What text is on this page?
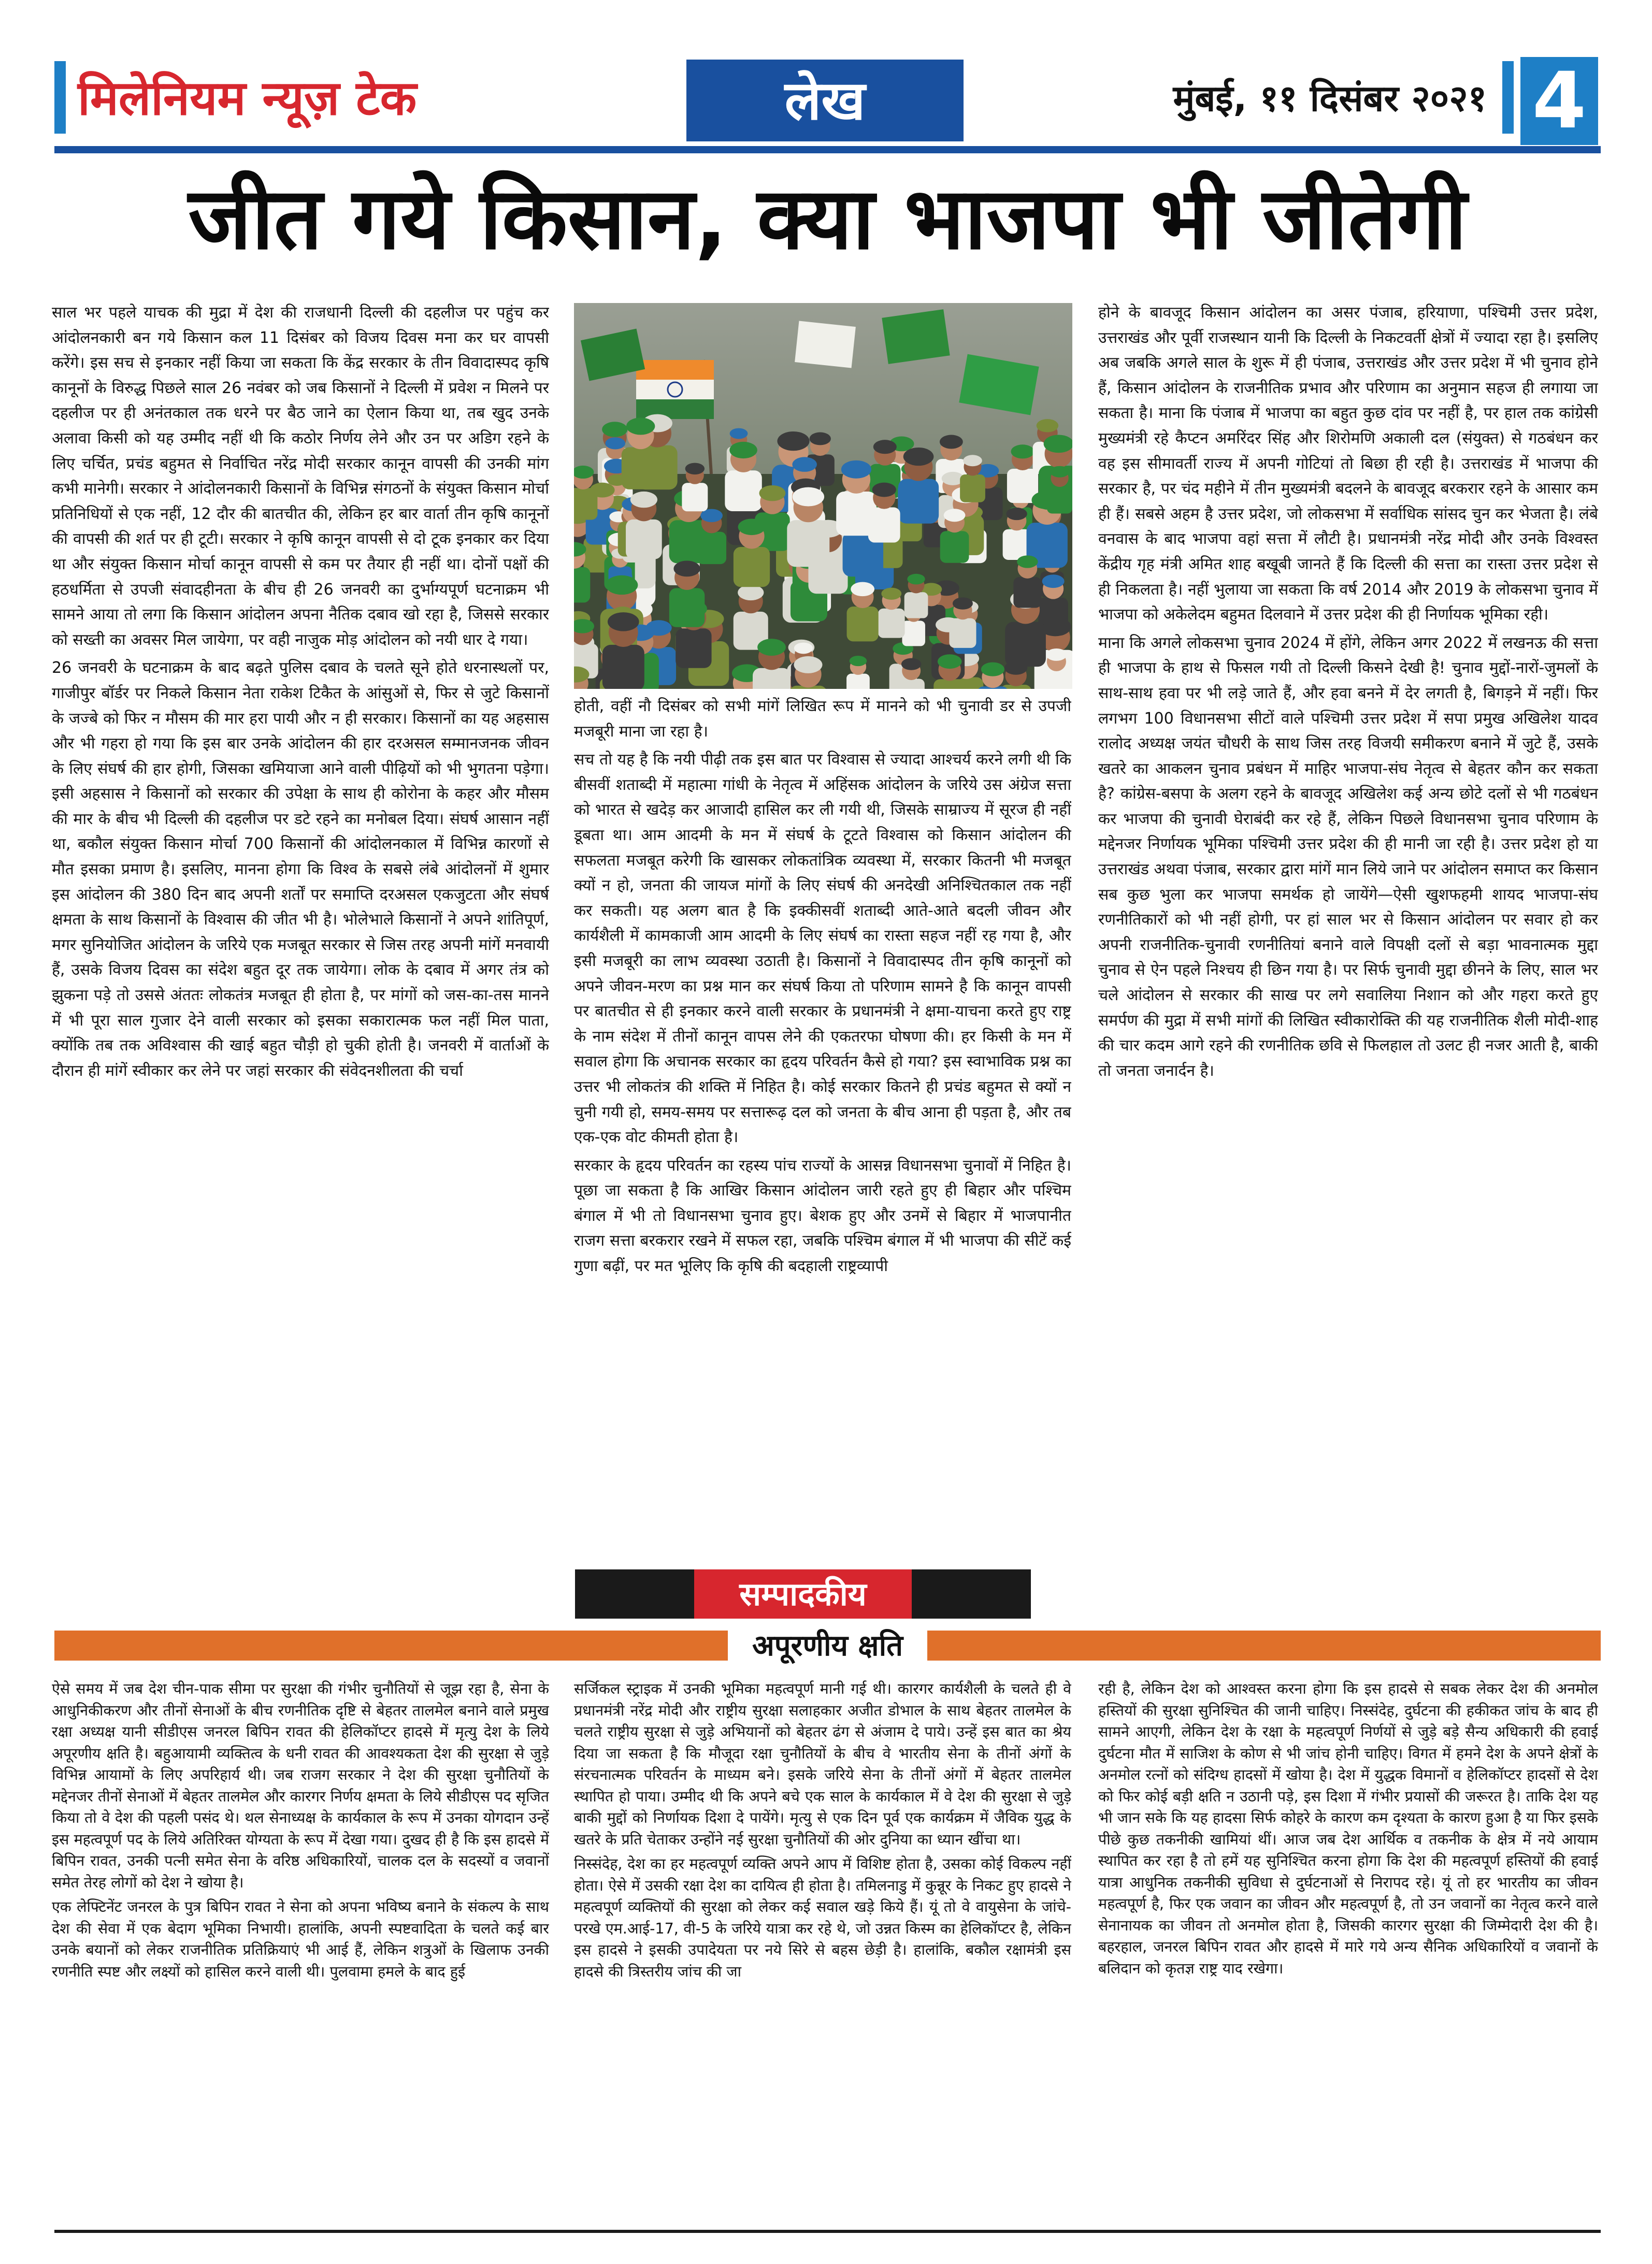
मिलेनियम न्यूज़ टेक	लेख	मुंबई, ११ दिसंबर २०२१ 4
जीत गये किसान, क्या भाजपा भी जीतेगी

साल भर पहले याचक की मुद्रा में देश की राजधानी दिल्ली की दहलीज पर पहुंच कर आंदोलनकारी बन गये किसान कल 11 दिसंबर को विजय दिवस मना कर घर वापसी करेंगे। इस सच से इनकार नहीं किया जा सकता कि केंद्र सरकार के तीन विवादास्पद कृषि कानूनों के विरुद्ध पिछले साल 26 नवंबर को जब किसानों ने दिल्ली में प्रवेश न मिलने पर दहलीज पर ही अनंतकाल तक धरने पर बैठ जाने का ऐलान किया था, तब खुद उनके अलावा किसी को यह उम्मीद नहीं थी कि कठोर निर्णय लेने और उन पर अडिग रहने के लिए चर्चित, प्रचंड बहुमत से निर्वाचित नरेंद्र मोदी सरकार कानून वापसी की उनकी मांग कभी मानेगी। सरकार ने आंदोलनकारी किसानों के विभिन्न संगठनों के संयुक्त किसान मोर्चा प्रतिनिधियों से एक नहीं, 12 दौर की बातचीत की, लेकिन हर बार वार्ता तीन कृषि कानूनों की वापसी की शर्त पर ही टूटी। सरकार ने कृषि कानून वापसी से दो टूक इनकार कर दिया था और संयुक्त किसान मोर्चा कानून वापसी से कम पर तैयार ही नहीं था। दोनों पक्षों की हठधर्मिता से उपजी संवादहीनता के बीच ही 26 जनवरी का दुर्भाग्यपूर्ण घटनाक्रम भी सामने आया तो लगा कि किसान आंदोलन अपना नैतिक दबाव खो रहा है, जिससे सरकार को सख्ती का अवसर मिल जायेगा, पर वही नाजुक मोड़ आंदोलन को नयी धार दे गया।

26 जनवरी के घटनाक्रम के बाद बढ़ते पुलिस दबाव के चलते सूने होते धरनास्थलों पर, गाजीपुर बॉर्डर पर निकले किसान नेता राकेश टिकैत के आंसुओं से, फिर से जुटे किसानों के जज्बे को फिर न मौसम की मार हरा पायी और न ही सरकार। किसानों का यह अहसास और भी गहरा हो गया कि इस बार उनके आंदोलन की हार दरअसल सम्मानजनक जीवन के लिए संघर्ष की हार होगी, जिसका खमियाजा आने वाली पीढ़ियों को भी भुगतना पड़ेगा। इसी अहसास ने किसानों को सरकार की उपेक्षा के साथ ही कोरोना के कहर और मौसम की मार के बीच भी दिल्ली की दहलीज पर डटे रहने का मनोबल दिया। संघर्ष आसान नहीं था, बकौल संयुक्त किसान मोर्चा 700 किसानों की आंदोलनकाल में विभिन्न कारणों से मौत इसका प्रमाण है। इसलिए, मानना होगा कि विश्व के सबसे लंबे आंदोलनों में शुमार इस आंदोलन की 380 दिन बाद अपनी शर्तों पर समाप्ति दरअसल एकजुटता और संघर्ष क्षमता के साथ किसानों के विश्वास की जीत भी है। भोलेभाले किसानों ने अपने शांतिपूर्ण, मगर सुनियोजित आंदोलन के जरिये एक मजबूत सरकार से जिस तरह अपनी मांगें मनवायी हैं, उसके विजय दिवस का संदेश बहुत दूर तक जायेगा। लोक के दबाव में अगर तंत्र को झुकना पड़े तो उससे अंततः लोकतंत्र मजबूत ही होता है, पर मांगों को जस-का-तस मानने में भी पूरा साल गुजार देने वाली सरकार को इसका सकारात्मक फल नहीं मिल पाता, क्योंकि तब तक अविश्वास की खाई बहुत चौड़ी हो चुकी होती है। जनवरी में वार्ताओं के दौरान ही मांगें स्वीकार कर लेने पर जहां सरकार की संवेदनशीलता की चर्चा

होती, वहीं नौ दिसंबर को सभी मांगें लिखित रूप में मानने को भी चुनावी डर से उपजी मजबूरी माना जा रहा है।

सच तो यह है कि नयी पीढ़ी तक इस बात पर विश्वास से ज्यादा आश्चर्य करने लगी थी कि बीसवीं शताब्दी में महात्मा गांधी के नेतृत्व में अहिंसक आंदोलन के जरिये उस अंग्रेज सत्ता को भारत से खदेड़ कर आजादी हासिल कर ली गयी थी, जिसके साम्राज्य में सूरज ही नहीं डूबता था। आम आदमी के मन में संघर्ष के टूटते विश्वास को किसान आंदोलन की सफलता मजबूत करेगी कि खासकर लोकतांत्रिक व्यवस्था में, सरकार कितनी भी मजबूत क्यों न हो, जनता की जायज मांगों के लिए संघर्ष की अनदेखी अनिश्चितकाल तक नहीं कर सकती। यह अलग बात है कि इक्कीसवीं शताब्दी आते-आते बदली जीवन और कार्यशैली में कामकाजी आम आदमी के लिए संघर्ष का रास्ता सहज नहीं रह गया है, और इसी मजबूरी का लाभ व्यवस्था उठाती है। किसानों ने विवादास्पद तीन कृषि कानूनों को अपने जीवन-मरण का प्रश्न मान कर संघर्ष किया तो परिणाम सामने है कि कानून वापसी पर बातचीत से ही इनकार करने वाली सरकार के प्रधानमंत्री ने क्षमा-याचना करते हुए राष्ट्र के नाम संदेश में तीनों कानून वापस लेने की एकतरफा घोषणा की। हर किसी के मन में सवाल होगा कि अचानक सरकार का हृदय परिवर्तन कैसे हो गया? इस स्वाभाविक प्रश्न का उत्तर भी लोकतंत्र की शक्ति में निहित है। कोई सरकार कितने ही प्रचंड बहुमत से क्यों न चुनी गयी हो, समय-समय पर सत्तारूढ़ दल को जनता के बीच आना ही पड़ता है, और तब एक-एक वोट कीमती होता है।

सरकार के हृदय परिवर्तन का रहस्य पांच राज्यों के आसन्न विधानसभा चुनावों में निहित है। पूछा जा सकता है कि आखिर किसान आंदोलन जारी रहते हुए ही बिहार और पश्चिम बंगाल में भी तो विधानसभा चुनाव हुए। बेशक हुए और उनमें से बिहार में भाजपानीत राजग सत्ता बरकरार रखने में सफल रहा, जबकि पश्चिम बंगाल में भी भाजपा की सीटें कई गुणा बढ़ीं, पर मत भूलिए कि कृषि की बदहाली राष्ट्रव्यापी

होने के बावजूद किसान आंदोलन का असर पंजाब, हरियाणा, पश्चिमी उत्तर प्रदेश, उत्तराखंड और पूर्वी राजस्थान यानी कि दिल्ली के निकटवर्ती क्षेत्रों में ज्यादा रहा है। इसलिए अब जबकि अगले साल के शुरू में ही पंजाब, उत्तराखंड और उत्तर प्रदेश में भी चुनाव होने हैं, किसान आंदोलन के राजनीतिक प्रभाव और परिणाम का अनुमान सहज ही लगाया जा सकता है। माना कि पंजाब में भाजपा का बहुत कुछ दांव पर नहीं है, पर हाल तक कांग्रेसी मुख्यमंत्री रहे कैप्टन अमरिंदर सिंह और शिरोमणि अकाली दल (संयुक्त) से गठबंधन कर वह इस सीमावर्ती राज्य में अपनी गोटियां तो बिछा ही रही है। उत्तराखंड में भाजपा की सरकार है, पर चंद महीने में तीन मुख्यमंत्री बदलने के बावजूद बरकरार रहने के आसार कम ही हैं। सबसे अहम है उत्तर प्रदेश, जो लोकसभा में सर्वाधिक सांसद चुन कर भेजता है। लंबे वनवास के बाद भाजपा वहां सत्ता में लौटी है। प्रधानमंत्री नरेंद्र मोदी और उनके विश्वस्त केंद्रीय गृह मंत्री अमित शाह बखूबी जानते हैं कि दिल्ली की सत्ता का रास्ता उत्तर प्रदेश से ही निकलता है। नहीं भुलाया जा सकता कि वर्ष 2014 और 2019 के लोकसभा चुनाव में भाजपा को अकेलेदम बहुमत दिलवाने में उत्तर प्रदेश की ही निर्णायक भूमिका रही।

माना कि अगले लोकसभा चुनाव 2024 में होंगे, लेकिन अगर 2022 में लखनऊ की सत्ता ही भाजपा के हाथ से फिसल गयी तो दिल्ली किसने देखी है! चुनाव मुद्दों-नारों-जुमलों के साथ-साथ हवा पर भी लड़े जाते हैं, और हवा बनने में देर लगती है, बिगड़ने में नहीं। फिर लगभग 100 विधानसभा सीटों वाले पश्चिमी उत्तर प्रदेश में सपा प्रमुख अखिलेश यादव रालोद अध्यक्ष जयंत चौधरी के साथ जिस तरह विजयी समीकरण बनाने में जुटे हैं, उसके खतरे का आकलन चुनाव प्रबंधन में माहिर भाजपा-संघ नेतृत्व से बेहतर कौन कर सकता है? कांग्रेस-बसपा के अलग रहने के बावजूद अखिलेश कई अन्य छोटे दलों से भी गठबंधन कर भाजपा की चुनावी घेराबंदी कर रहे हैं, लेकिन पिछले विधानसभा चुनाव परिणाम के मद्देनजर निर्णायक भूमिका पश्चिमी उत्तर प्रदेश की ही मानी जा रही है। उत्तर प्रदेश हो या उत्तराखंड अथवा पंजाब, सरकार द्वारा मांगें मान लिये जाने पर आंदोलन समाप्त कर किसान सब कुछ भुला कर भाजपा समर्थक हो जायेंगे—ऐसी खुशफहमी शायद भाजपा-संघ रणनीतिकारों को भी नहीं होगी, पर हां साल भर से किसान आंदोलन पर सवार हो कर अपनी राजनीतिक-चुनावी रणनीतियां बनाने वाले विपक्षी दलों से बड़ा भावनात्मक मुद्दा चुनाव से ऐन पहले निश्चय ही छिन गया है। पर सिर्फ चुनावी मुद्दा छीनने के लिए, साल भर चले आंदोलन से सरकार की साख पर लगे सवालिया निशान को और गहरा करते हुए समर्पण की मुद्रा में सभी मांगों की लिखित स्वीकारोक्ति की यह राजनीतिक शैली मोदी-शाह की चार कदम आगे रहने की रणनीतिक छवि से फिलहाल तो उलट ही नजर आती है, बाकी तो जनता जनार्दन है।

सम्पादकीय
अपूरणीय क्षति

ऐसे समय में जब देश चीन-पाक सीमा पर सुरक्षा की गंभीर चुनौतियों से जूझ रहा है, सेना के आधुनिकीकरण और तीनों सेनाओं के बीच रणनीतिक दृष्टि से बेहतर तालमेल बनाने वाले प्रमुख रक्षा अध्यक्ष यानी सीडीएस जनरल बिपिन रावत की हेलिकॉप्टर हादसे में मृत्यु देश के लिये अपूरणीय क्षति है। बहुआयामी व्यक्तित्व के धनी रावत की आवश्यकता देश की सुरक्षा से जुड़े विभिन्न आयामों के लिए अपरिहार्य थी। जब राजग सरकार ने देश की सुरक्षा चुनौतियों के मद्देनजर तीनों सेनाओं में बेहतर तालमेल और कारगर निर्णय क्षमता के लिये सीडीएस पद सृजित किया तो वे देश की पहली पसंद थे। थल सेनाध्यक्ष के कार्यकाल के रूप में उनका योगदान उन्हें इस महत्वपूर्ण पद के लिये अतिरिक्त योग्यता के रूप में देखा गया। दुखद ही है कि इस हादसे में बिपिन रावत, उनकी पत्नी समेत सेना के वरिष्ठ अधिकारियों, चालक दल के सदस्यों व जवानों समेत तेरह लोगों को देश ने खोया है।

एक लेफ्टिनेंट जनरल के पुत्र बिपिन रावत ने सेना को अपना भविष्य बनाने के संकल्प के साथ देश की सेवा में एक बेदाग भूमिका निभायी। हालांकि, अपनी स्पष्टवादिता के चलते कई बार उनके बयानों को लेकर राजनीतिक प्रतिक्रियाएं भी आई हैं, लेकिन शत्रुओं के खिलाफ उनकी रणनीति स्पष्ट और लक्ष्यों को हासिल करने वाली थी। पुलवामा हमले के बाद हुई

सर्जिकल स्ट्राइक में उनकी भूमिका महत्वपूर्ण मानी गई थी। कारगर कार्यशैली के चलते ही वे प्रधानमंत्री नरेंद्र मोदी और राष्ट्रीय सुरक्षा सलाहकार अजीत डोभाल के साथ बेहतर तालमेल के चलते राष्ट्रीय सुरक्षा से जुड़े अभियानों को बेहतर ढंग से अंजाम दे पाये। उन्हें इस बात का श्रेय दिया जा सकता है कि मौजूदा रक्षा चुनौतियों के बीच वे भारतीय सेना के तीनों अंगों के संरचनात्मक परिवर्तन के माध्यम बने। इसके जरिये सेना के तीनों अंगों में बेहतर तालमेल स्थापित हो पाया। उम्मीद थी कि अपने बचे एक साल के कार्यकाल में वे देश की सुरक्षा से जुड़े बाकी मुद्दों को निर्णायक दिशा दे पायेंगे। मृत्यु से एक दिन पूर्व एक कार्यक्रम में जैविक युद्ध के खतरे के प्रति चेताकर उन्होंने नई सुरक्षा चुनौतियों की ओर दुनिया का ध्यान खींचा था।

निस्संदेह, देश का हर महत्वपूर्ण व्यक्ति अपने आप में विशिष्ट होता है, उसका कोई विकल्प नहीं होता। ऐसे में उसकी रक्षा देश का दायित्व ही होता है। तमिलनाडु में कुन्नूर के निकट हुए हादसे ने महत्वपूर्ण व्यक्तियों की सुरक्षा को लेकर कई सवाल खड़े किये हैं। यूं तो वे वायुसेना के जांचे-परखे एम.आई-17, वी-5 के जरिये यात्रा कर रहे थे, जो उन्नत किस्म का हेलिकॉप्टर है, लेकिन इस हादसे ने इसकी उपादेयता पर नये सिरे से बहस छेड़ी है। हालांकि, बकौल रक्षामंत्री इस हादसे की त्रिस्तरीय जांच की जा

रही है, लेकिन देश को आश्वस्त करना होगा कि इस हादसे से सबक लेकर देश की अनमोल हस्तियों की सुरक्षा सुनिश्चित की जानी चाहिए। निस्संदेह, दुर्घटना की हकीकत जांच के बाद ही सामने आएगी, लेकिन देश के रक्षा के महत्वपूर्ण निर्णयों से जुड़े बड़े सैन्य अधिकारी की हवाई दुर्घटना मौत में साजिश के कोण से भी जांच होनी चाहिए। विगत में हमने देश के अपने क्षेत्रों के अनमोल रत्नों को संदिग्ध हादसों में खोया है। देश में युद्धक विमानों व हेलिकॉप्टर हादसों से देश को फिर कोई बड़ी क्षति न उठानी पड़े, इस दिशा में गंभीर प्रयासों की जरूरत है। ताकि देश यह भी जान सके कि यह हादसा सिर्फ कोहरे के कारण कम दृश्यता के कारण हुआ है या फिर इसके पीछे कुछ तकनीकी खामियां थीं। आज जब देश आर्थिक व तकनीक के क्षेत्र में नये आयाम स्थापित कर रहा है तो हमें यह सुनिश्चित करना होगा कि देश की महत्वपूर्ण हस्तियों की हवाई यात्रा आधुनिक तकनीकी सुविधा से दुर्घटनाओं से निरापद रहे। यूं तो हर भारतीय का जीवन महत्वपूर्ण है, फिर एक जवान का जीवन और महत्वपूर्ण है, तो उन जवानों का नेतृत्व करने वाले सेनानायक का जीवन तो अनमोल होता है, जिसकी कारगर सुरक्षा की जिम्मेदारी देश की है। बहरहाल, जनरल बिपिन रावत और हादसे में मारे गये अन्य सैनिक अधिकारियों व जवानों के बलिदान को कृतज्ञ राष्ट्र याद रखेगा।
